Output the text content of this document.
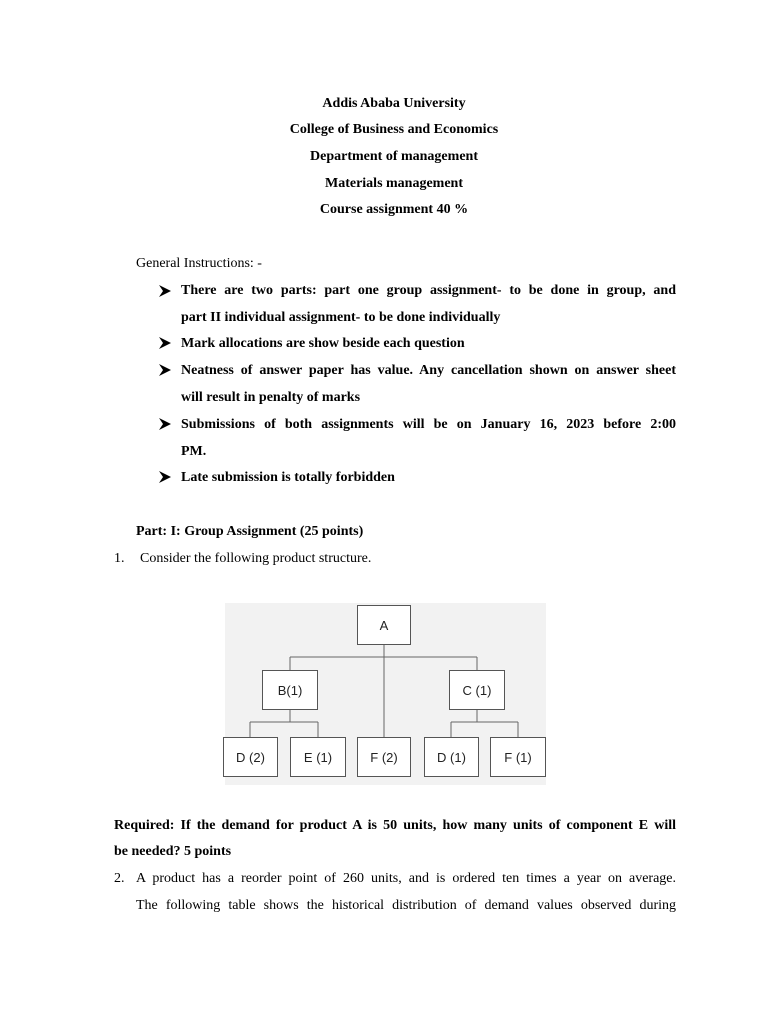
Addis Ababa University
College of Business and Economics
Department of management
Materials management
Course assignment 40 %
General Instructions: -
There are two parts: part one group assignment- to be done in group, and
part II individual assignment- to be done individually
Mark allocations are show beside each question
Neatness of answer paper has value. Any cancellation shown on answer sheet
will result in penalty of marks
Submissions of both assignments will be on January 16, 2023 before 2:00
PM.
Late submission is totally forbidden
Part: I: Group Assignment (25 points)
1. Consider the following product structure.
A
B(1)	C (1)
D (2)	E (1)	F (2)	D (1)	F (1)
Required: If the demand for product A is 50 units, how many units of component E will
be needed? 5 points
2. A product has a reorder point of 260 units, and is ordered ten times a year on average.
The following table shows the historical distribution of demand values observed during
